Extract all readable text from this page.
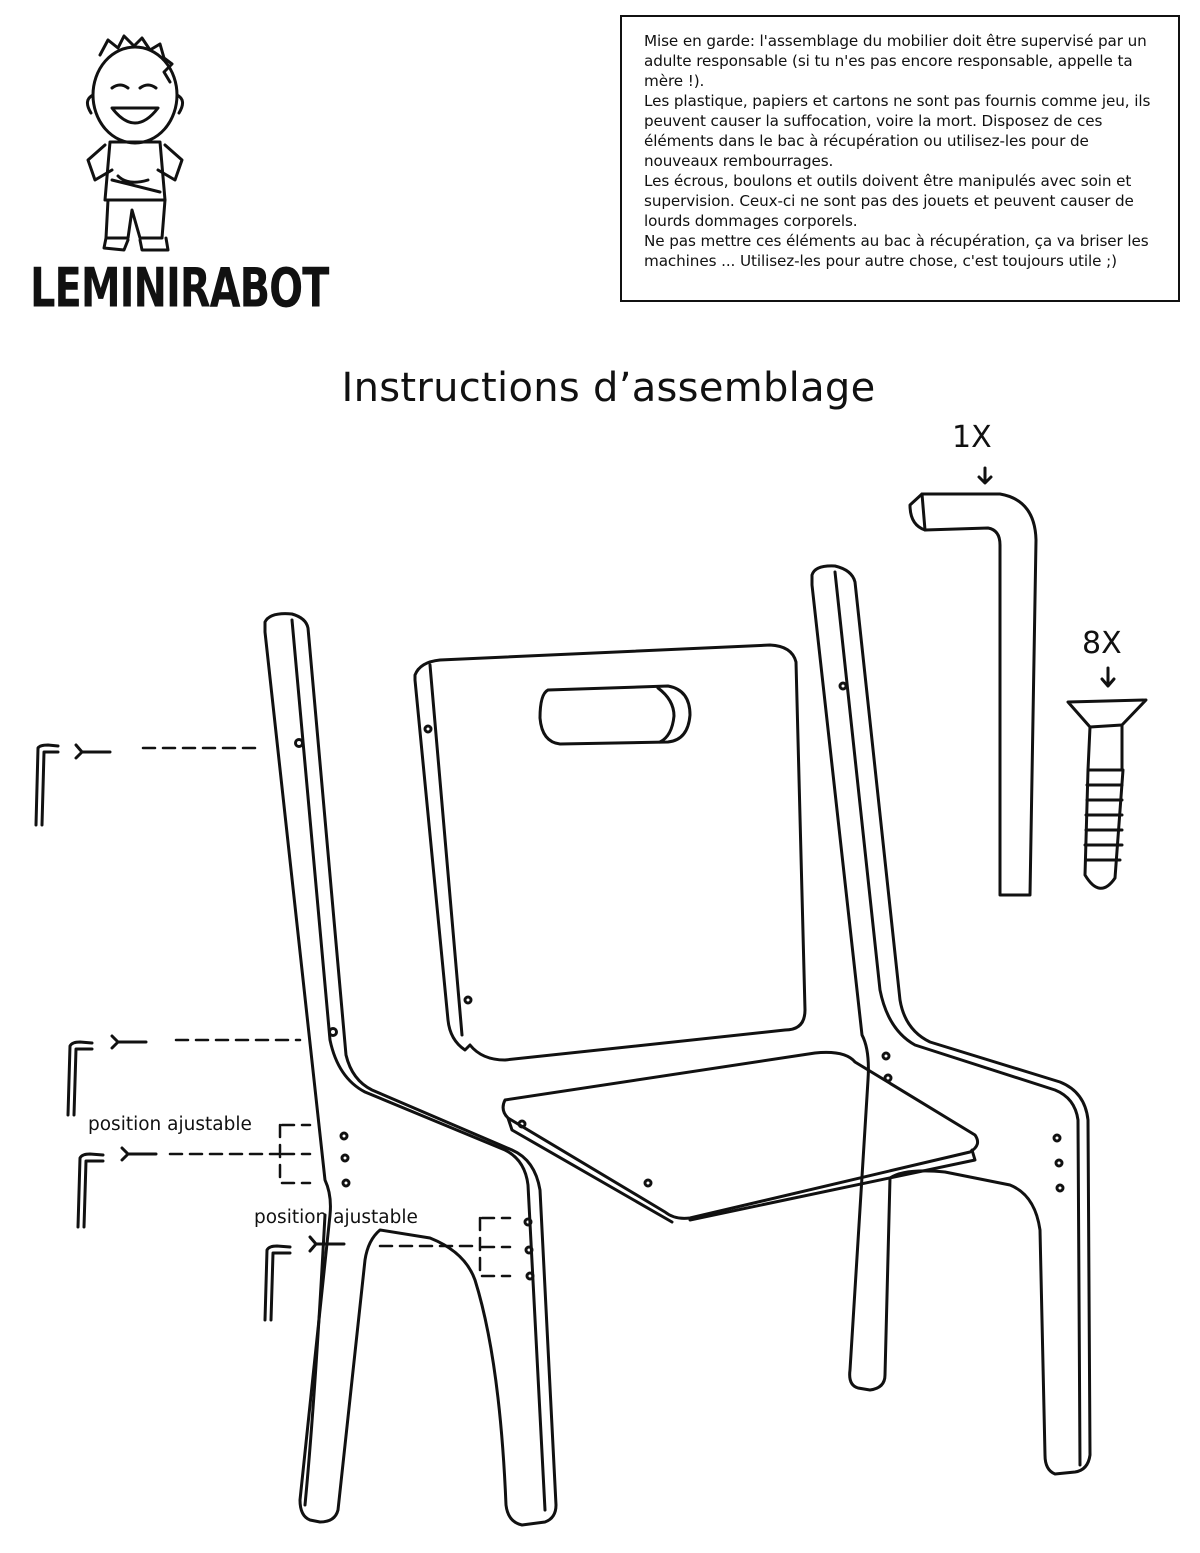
LEMINIRABOT

Mise en garde: l'assemblage du mobilier doit être supervisé par un adulte responsable (si tu n'es pas encore responsable, appelle ta mère !).

Les plastique, papiers et cartons ne sont pas fournis comme jeu, ils peuvent causer la suffocation, voire la mort. Disposez de ces éléments dans le bac à récupération ou utilisez-les pour de nouveaux rembourrages.

Les écrous, boulons et outils doivent être manipulés avec soin et supervision. Ceux-ci ne sont pas des jouets et peuvent causer de lourds dommages corporels.

Ne pas mettre ces éléments au bac à récupération, ça va briser les machines ... Utilisez-les pour autre chose, c'est toujours utile ;)

Instructions d’assemblage
1X
8X
position ajustable
position ajustable
